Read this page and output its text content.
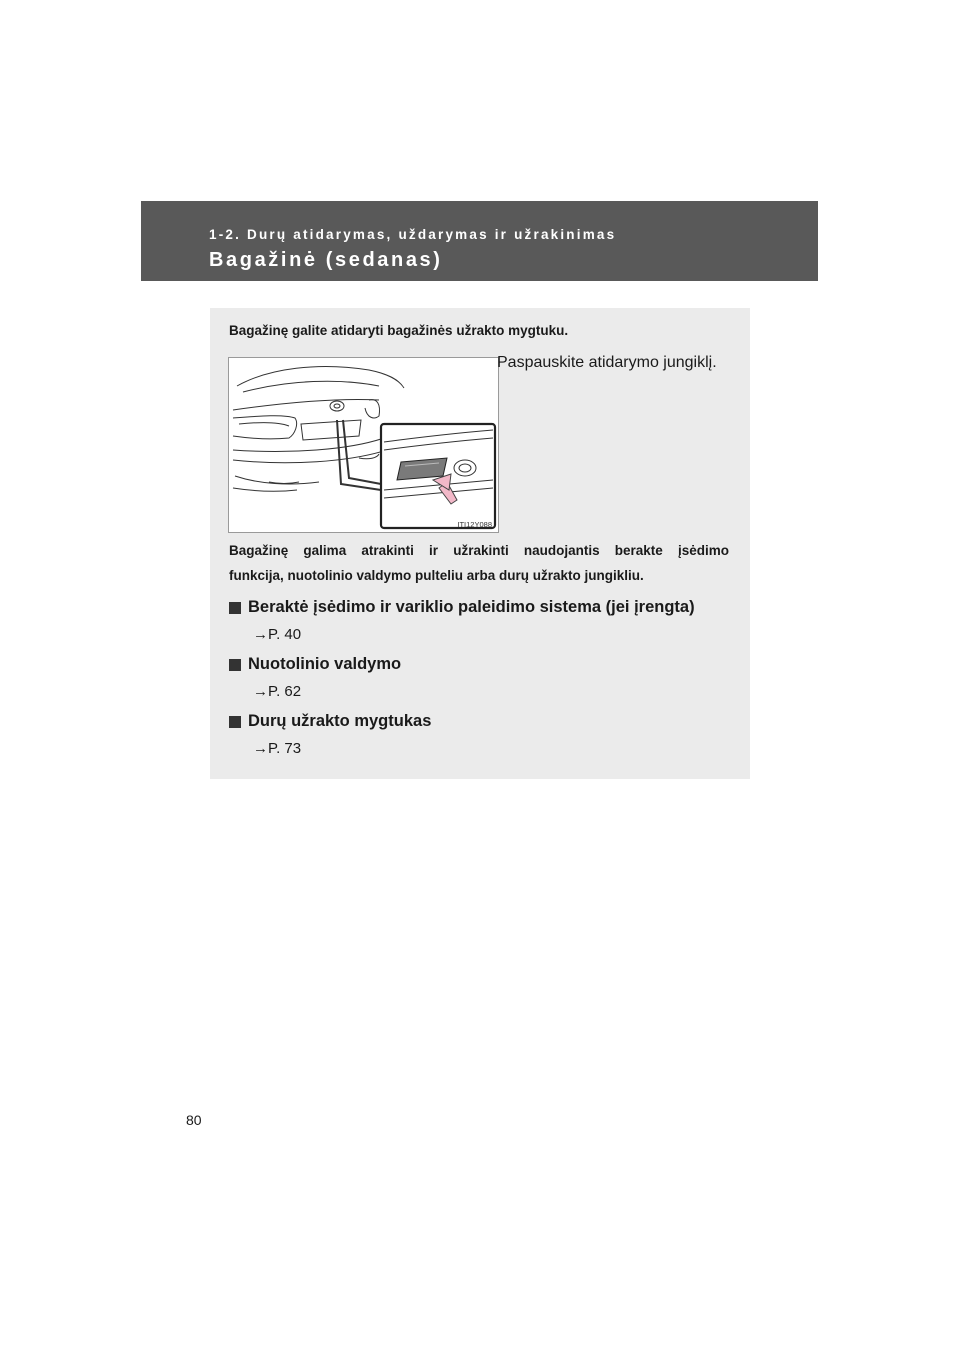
1-2. Durų atidarymas, uždarymas ir užrakinimas
Bagažinė (sedanas)
Bagažinę galite atidaryti bagažinės užrakto mygtuku.
ITI12Y088
Paspauskite atidarymo jungiklį.
Bagažinę galima atrakinti ir užrakinti naudojantis berakte įsėdimo
funkcija, nuotolinio valdymo pulteliu arba durų užrakto jungikliu.
Beraktė įsėdimo ir variklio paleidimo sistema (jei įrengta)
→P. 40
Nuotolinio valdymo
→P. 62
Durų užrakto mygtukas
→P. 73
80
